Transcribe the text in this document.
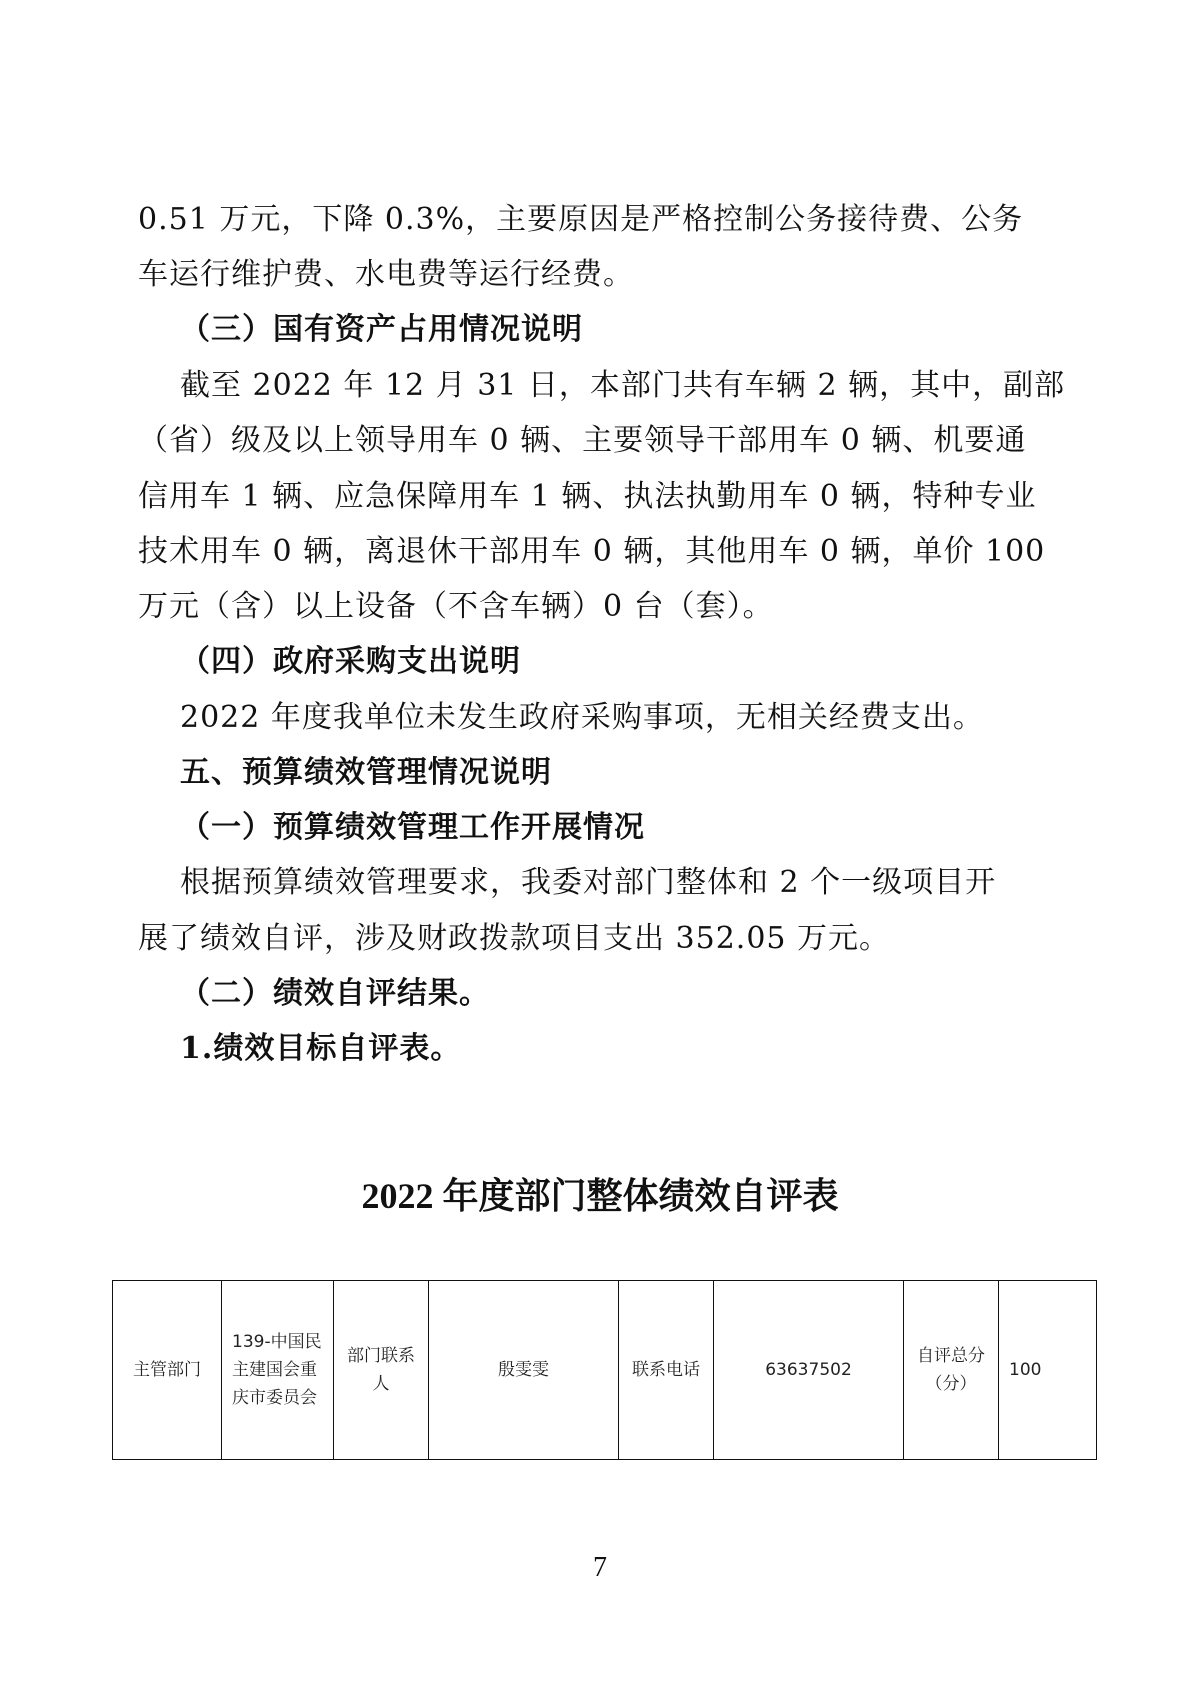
0.51 万元，下降 0.3%，主要原因是严格控制公务接待费、公务
车运行维护费、水电费等运行经费。
（三）国有资产占用情况说明
截至 2022 年 12 月 31 日，本部门共有车辆 2 辆，其中，副部
（省）级及以上领导用车 0 辆、主要领导干部用车 0 辆、机要通
信用车 1 辆、应急保障用车 1 辆、执法执勤用车 0 辆，特种专业
技术用车 0 辆，离退休干部用车 0 辆，其他用车 0 辆，单价 100
万元（含）以上设备（不含车辆）0 台（套）。
（四）政府采购支出说明
2022 年度我单位未发生政府采购事项，无相关经费支出。
五、预算绩效管理情况说明
（一）预算绩效管理工作开展情况
根据预算绩效管理要求，我委对部门整体和 2 个一级项目开
展了绩效自评，涉及财政拨款项目支出 352.05 万元。
（二）绩效自评结果。
1.绩效目标自评表。
2022 年度部门整体绩效自评表
主管部门	139-中国民主建国会重庆市委员会	部门联系人	殷雯雯	联系电话	63637502	自评总分（分）	100
7
